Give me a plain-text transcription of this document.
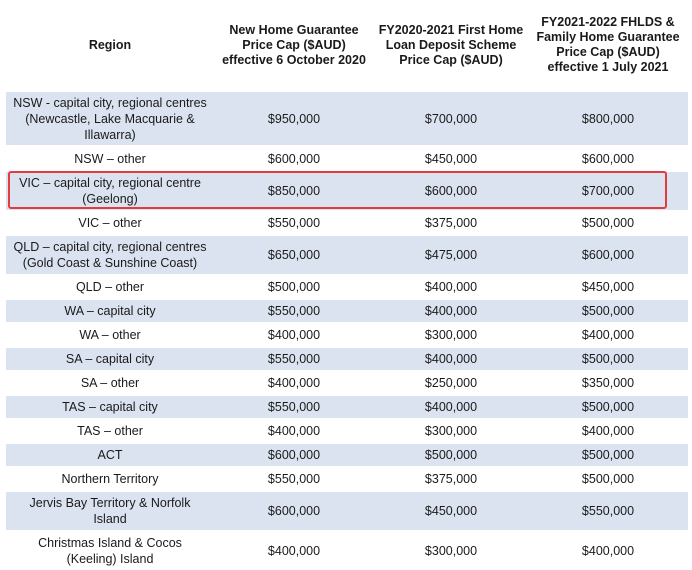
Region	New Home Guarantee Price Cap ($AUD) effective 6 October 2020	FY2020-2021 First Home Loan Deposit Scheme Price Cap ($AUD)	FY2021-2022 FHLDS & Family Home Guarantee Price Cap ($AUD) effective 1 July 2021
NSW - capital city, regional centres (Newcastle, Lake Macquarie & Illawarra)	$950,000	$700,000	$800,000
NSW – other	$600,000	$450,000	$600,000
VIC – capital city, regional centre (Geelong)	$850,000	$600,000	$700,000
VIC – other	$550,000	$375,000	$500,000
QLD – capital city, regional centres (Gold Coast & Sunshine Coast)	$650,000	$475,000	$600,000
QLD – other	$500,000	$400,000	$450,000
WA – capital city	$550,000	$400,000	$500,000
WA – other	$400,000	$300,000	$400,000
SA – capital city	$550,000	$400,000	$500,000
SA – other	$400,000	$250,000	$350,000
TAS – capital city	$550,000	$400,000	$500,000
TAS – other	$400,000	$300,000	$400,000
ACT	$600,000	$500,000	$500,000
Northern Territory	$550,000	$375,000	$500,000
Jervis Bay Territory & Norfolk Island	$600,000	$450,000	$550,000
Christmas Island & Cocos (Keeling) Island	$400,000	$300,000	$400,000
